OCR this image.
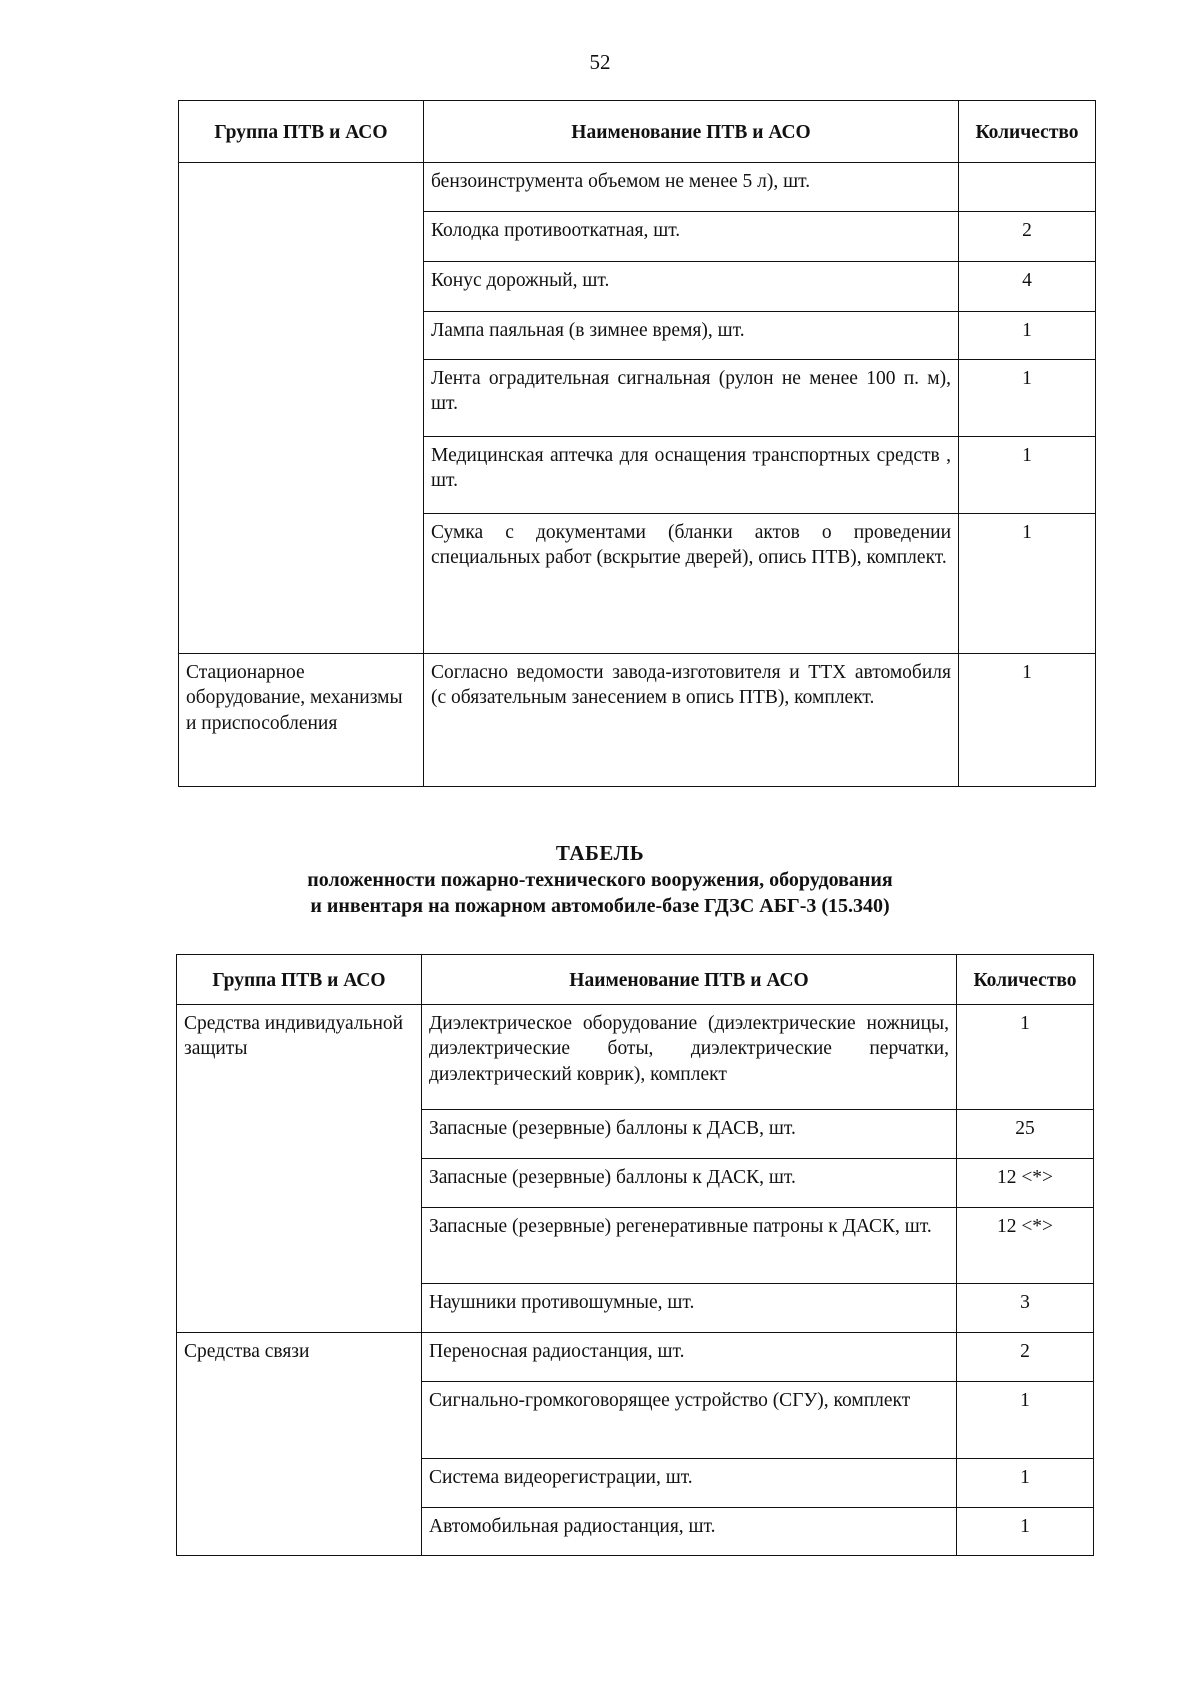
52
Группа ПТВ и АСО	Наименование ПТВ и АСО	Количество
	бензоинструмента объемом не менее 5 л), шт.	
	Колодка противооткатная, шт.	2
	Конус дорожный, шт.	4
	Лампа паяльная (в зимнее время), шт.	1
	Лента оградительная сигнальная (рулон не менее 100 п. м), шт.	1
	Медицинская аптечка для оснащения транспортных средств , шт.	1
	Сумка с документами (бланки актов о проведении специальных работ (вскрытие дверей), опись ПТВ), комплект.	1
Стационарное оборудование, механизмы и приспособления	Согласно ведомости завода-изготовителя и ТТХ автомобиля (с обязательным занесением в опись ПТВ), комплект.	1
ТАБЕЛЬ
положенности пожарно-технического вооружения, оборудования
и инвентаря на пожарном автомобиле-базе ГДЗС АБГ-3 (15.340)
Группа ПТВ и АСО	Наименование ПТВ и АСО	Количество
Средства индивидуальной защиты	Диэлектрическое оборудование (диэлектрические ножницы, диэлектрические боты, диэлектрические перчатки, диэлектрический коврик), комплект	1
	Запасные (резервные) баллоны к ДАСВ, шт.	25
	Запасные (резервные) баллоны к ДАСК, шт.	12 <*>
	Запасные (резервные) регенеративные патроны к ДАСК, шт.	12 <*>
	Наушники противошумные, шт.	3
Средства связи	Переносная радиостанция, шт.	2
	Сигнально-громкоговорящее устройство (СГУ), комплект	1
	Система видеорегистрации, шт.	1
	Автомобильная радиостанция, шт.	1
